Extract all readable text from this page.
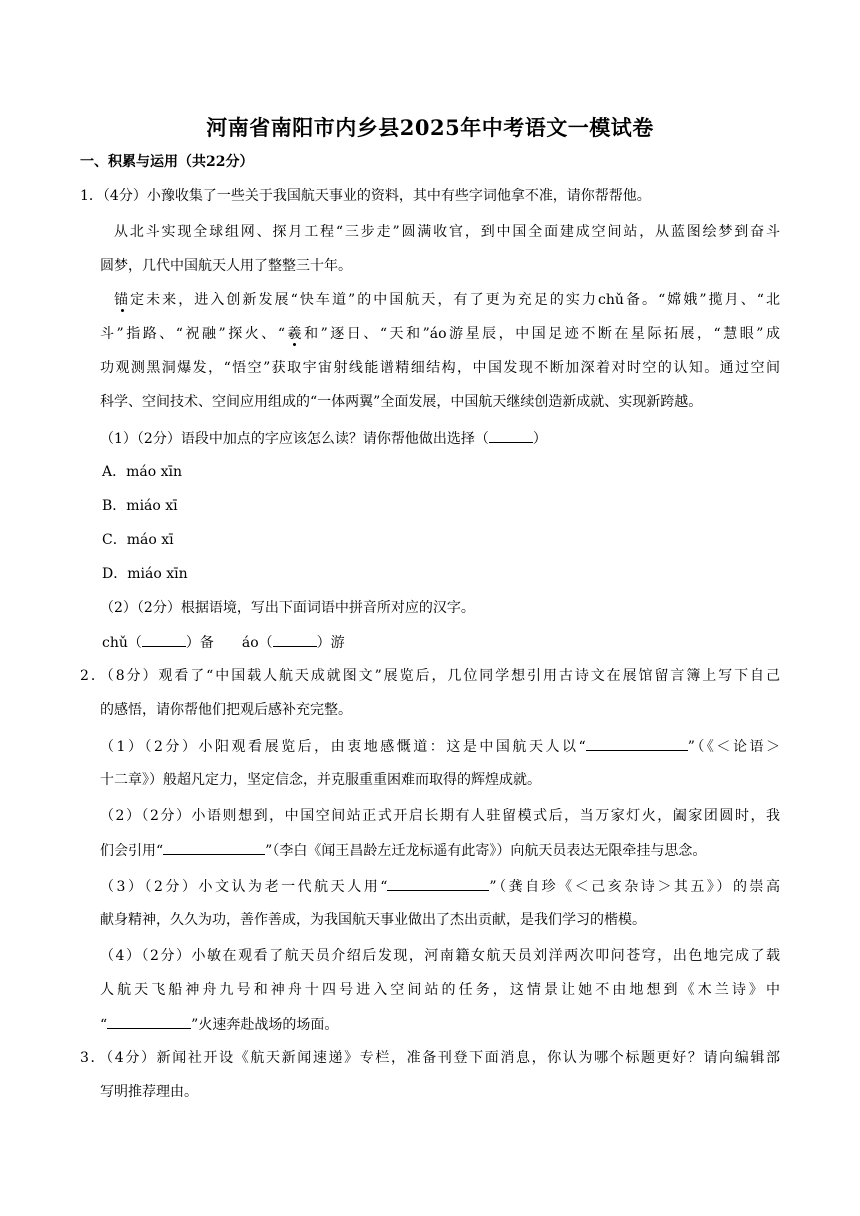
河南省南阳市内乡县2025年中考语文一模试卷
一、积累与运用（共22分）
1．（4分）小豫收集了一些关于我国航天事业的资料，其中有些字词他拿不准，请你帮帮他。
从北斗实现全球组网、探月工程“三步走”圆满收官，到中国全面建成空间站，从蓝图绘梦到奋斗
圆梦，几代中国航天人用了整整三十年。
锚定未来，进入创新发展“快车道”的中国航天，有了更为充足的实力chǔ备。“嫦娥”揽月、“北
斗”指路、“祝融”探火、“羲和”逐日、“天和”áo游星辰，中国足迹不断在星际拓展，“慧眼”成
功观测黑洞爆发，“悟空”获取宇宙射线能谱精细结构，中国发现不断加深着对时空的认知。通过空间
科学、空间技术、空间应用组成的“一体两翼”全面发展，中国航天继续创造新成就、实现新跨越。
（1）（2分）语段中加点的字应该怎么读？请你帮他做出选择（	）
A．máo xīn
B．miáo xī
C．máo xī
D．miáo xīn
（2）（2分）根据语境，写出下面词语中拼音所对应的汉字。
chǔ（	）备 áo（	）游
2．（8分）观看了“中国载人航天成就图文”展览后，几位同学想引用古诗文在展馆留言簿上写下自己
的感悟，请你帮他们把观后感补充完整。
（1）（2分）小阳观看展览后，由衷地感慨道：这是中国航天人以“	”（《＜论语＞
十二章》）般超凡定力，坚定信念，并克服重重困难而取得的辉煌成就。
（2）（2分）小语则想到，中国空间站正式开启长期有人驻留模式后，当万家灯火，阖家团圆时，我
们会引用“	”（李白《闻王昌龄左迁龙标遥有此寄》）向航天员表达无限牵挂与思念。
（3）（2分）小文认为老一代航天人用“	”（龚自珍《＜己亥杂诗＞其五》）的崇高
献身精神，久久为功，善作善成，为我国航天事业做出了杰出贡献，是我们学习的楷模。
（4）（2分）小敏在观看了航天员介绍后发现，河南籍女航天员刘洋两次叩问苍穹，出色地完成了载
人航天飞船神舟九号和神舟十四号进入空间站的任务，这情景让她不由地想到《木兰诗》中
“	”火速奔赴战场的场面。
3．（4分）新闻社开设《航天新闻速递》专栏，准备刊登下面消息，你认为哪个标题更好？请向编辑部
写明推荐理由。
